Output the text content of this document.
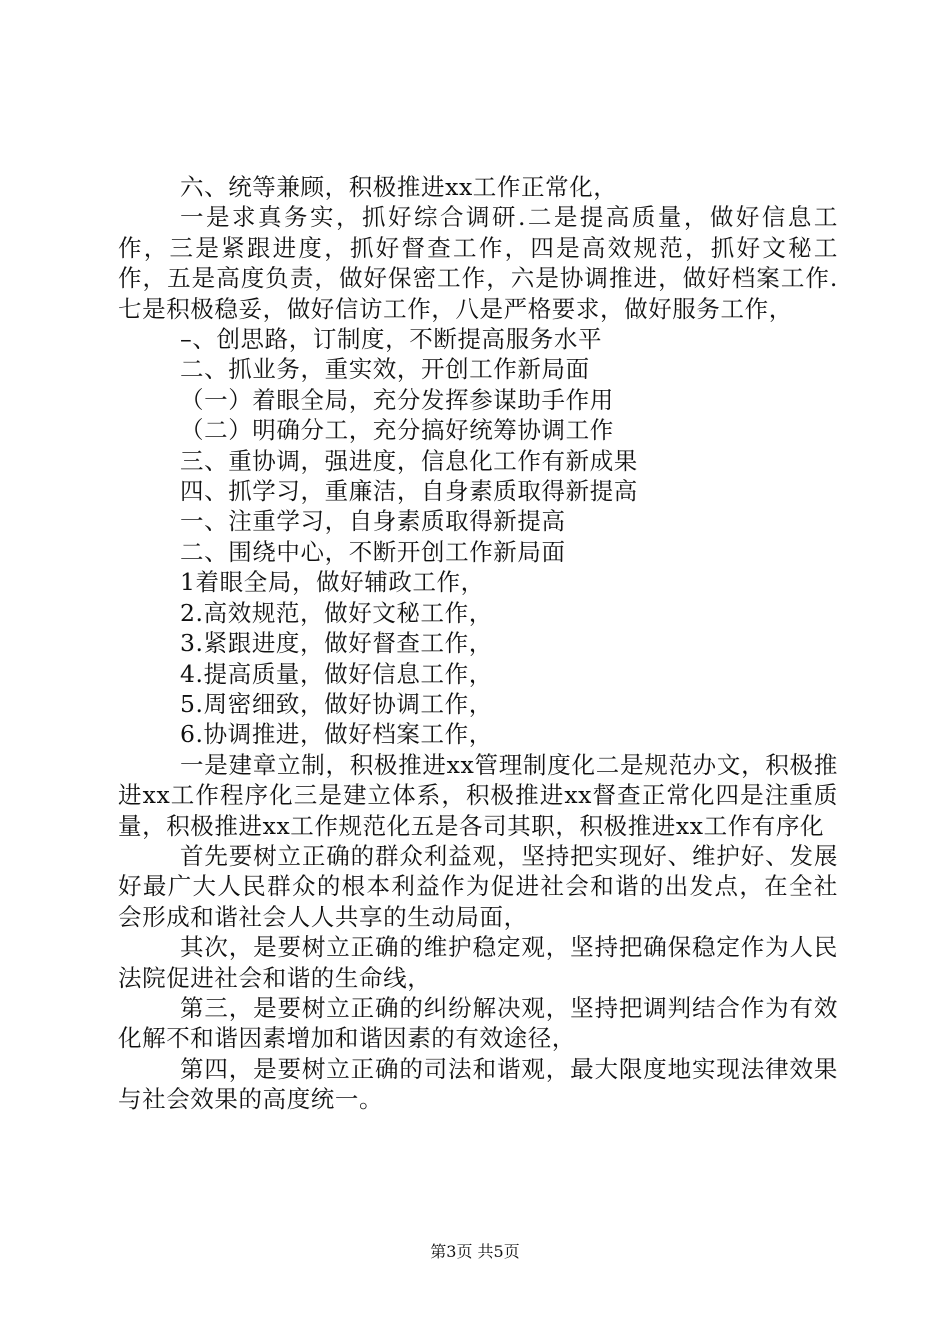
六、统等兼顾，积极推进xx工作正常化，

一是求真务实，抓好综合调研.二是提高质量，做好信息工作，三是紧跟进度，抓好督查工作，四是高效规范，抓好文秘工作，五是高度负责，做好保密工作，六是协调推进，做好档案工作.七是积极稳妥，做好信访工作，八是严格要求，做好服务工作，

–、创思路，订制度，不断提高服务水平

二、抓业务，重实效，开创工作新局面

（一）着眼全局，充分发挥参谋助手作用

（二）明确分工，充分搞好统筹协调工作

三、重协调，强进度，信息化工作有新成果

四、抓学习，重廉洁，自身素质取得新提高

一、注重学习，自身素质取得新提高

二、围绕中心，不断开创工作新局面

1着眼全局，做好辅政工作，

2.高效规范，做好文秘工作，

3.紧跟进度，做好督查工作，

4.提高质量，做好信息工作，

5.周密细致，做好协调工作，

6.协调推进，做好档案工作，

一是建章立制，积极推进xx管理制度化二是规范办文，积极推进xx工作程序化三是建立体系，积极推进xx督查正常化四是注重质量，积极推进xx工作规范化五是各司其职，积极推进xx工作有序化

首先要树立正确的群众利益观，坚持把实现好、维护好、发展好最广大人民群众的根本利益作为促进社会和谐的出发点，在全社会形成和谐社会人人共享的生动局面，

其次，是要树立正确的维护稳定观，坚持把确保稳定作为人民法院促进社会和谐的生命线，

第三，是要树立正确的纠纷解决观，坚持把调判结合作为有效化解不和谐因素增加和谐因素的有效途径，

第四，是要树立正确的司法和谐观，最大限度地实现法律效果与社会效果的高度统一。

第3页 共5页
